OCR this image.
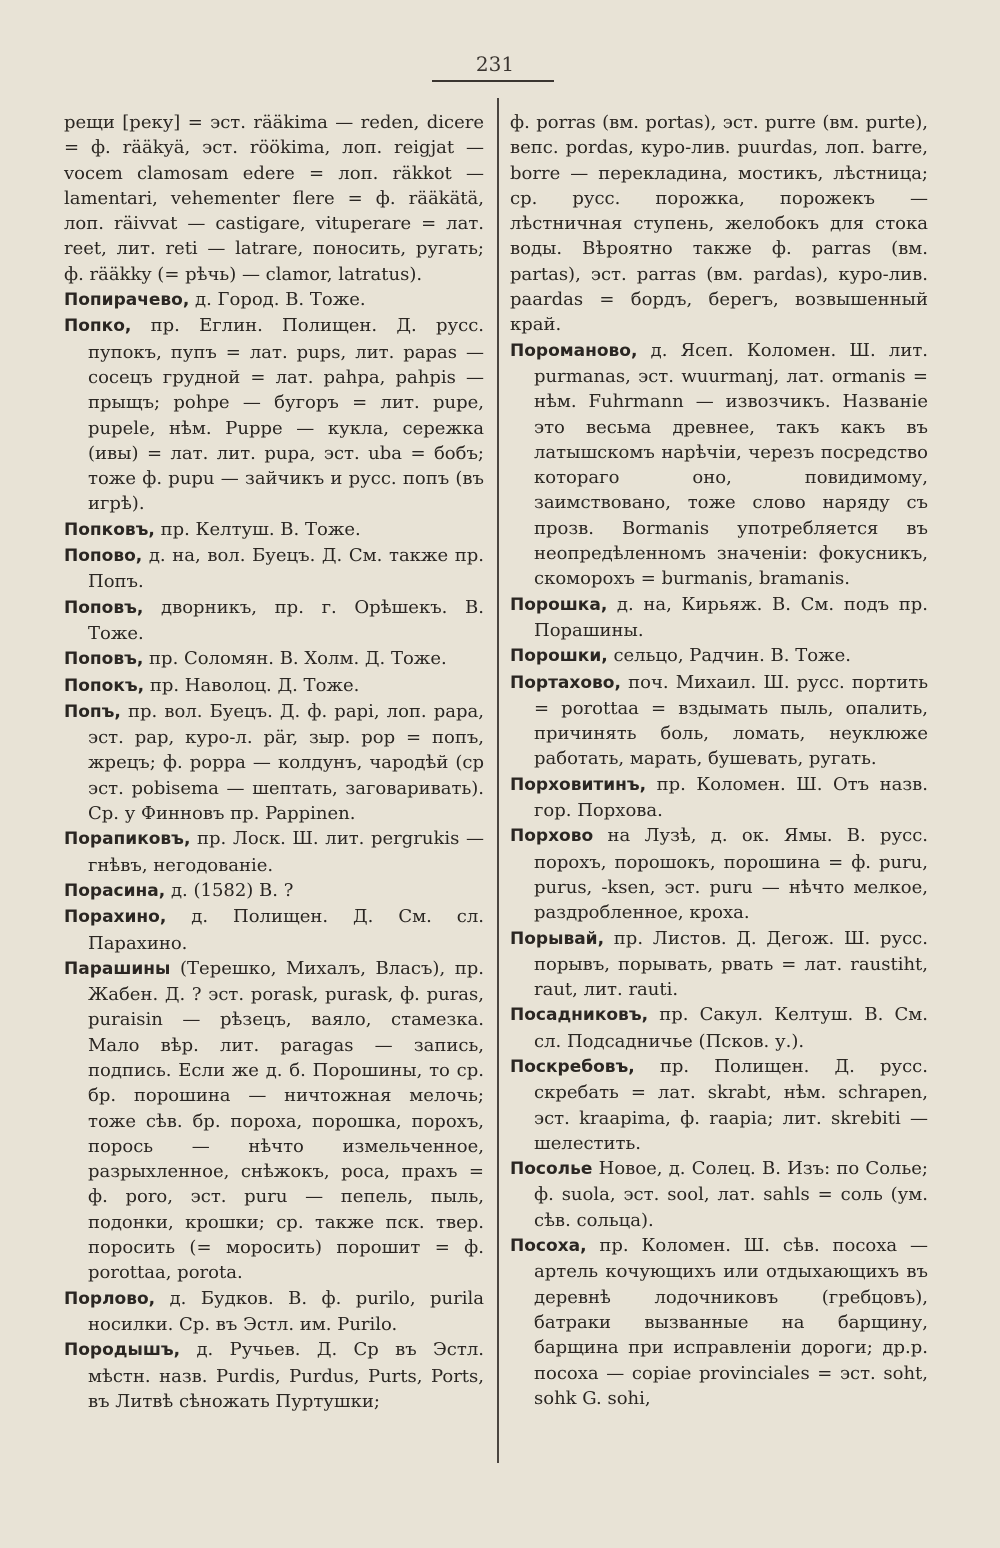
231
рещи [реку] = эст. rääkima — reden, dicere = ф. rääkyä, эст. röökima, лоп. reigjat — vocem clamosam edere = лоп. räkkot — lamentari, vehementer flere = ф. rääkätä, лоп. räivvat — castigare, vituperare = лат. reet, лит. reti — latrare, поносить, ругать; ф. rääkky (= рѣчь) — clamor, latratus).
Попирачево, д. Город. В. Тоже.
Попко, пр. Еглин. Полищен. Д. русс. пупокъ, пупъ = лат. pups, лит. papas — сосецъ грудной = лат. pahpa, pahpis — прыщъ; pohpe — бугоръ = лит. pupe, pupele, нѣм. Puppe — кукла, сережка (ивы) = лат. лит. pupa, эст. uba = бобъ; тоже ф. pupu — зайчикъ и русс. попъ (въ игрѣ).
Попковъ, пр. Келтуш. В. Тоже.
Попово, д. на, вол. Буецъ. Д. См. также пр. Попъ.
Поповъ, дворникъ, пр. г. Орѣшекъ. В. Тоже.
Поповъ, пр. Соломян. В. Холм. Д. Тоже.
Попокъ, пр. Наволоц. Д. Тоже.
Попъ, пр. вол. Буецъ. Д. ф. papi, лоп. papa, эст. pap, куро-л. pär, зыр. pop = попъ, жрецъ; ф. poppa — колдунъ, чародѣй (ср эст. pobisema — шептать, заговаривать). Ср. у Финновъ пр. Pappinen.
Порапиковъ, пр. Лоск. Ш. лит. pergrukis — гнѣвъ, негодованіе.
Порасина, д. (1582) В. ?
Порахино, д. Полищен. Д. См. сл. Парахино.
Парашины (Терешко, Михалъ, Власъ), пр. Жабен. Д. ? эст. porask, purask, ф. puras, puraisin — рѣзецъ, ваяло, стамезка. Мало вѣр. лит. paragas — запись, подпись. Если же д. б. Порошины, то ср. бр. порошина — ничтожная мелочь; тоже сѣв. бр. пороха, порошка, порохъ, порось — нѣчто измельченное, разрыхленное, снѣжокъ, роса, прахъ = ф. poro, эст. puru — пепель, пыль, подонки, крошки; ср. также пск. твер. поросить (= моросить) порошит = ф. porottaa, porota.
Порлово, д. Будков. В. ф. purilo, purila носилки. Ср. въ Эстл. им. Purilo.
Породышъ, д. Ручьев. Д. Ср въ Эстл. мѣстн. назв. Purdis, Purdus, Purts, Ports, въ Литвѣ сѣножать Пуртушки;
ф. porras (вм. portas), эст. purre (вм. purte), вепс. pordas, куро-лив. puurdas, лоп. barre, borre — перекладина, мостикъ, лѣстница; ср. русс. порожка, порожекъ — лѣстничная ступень, желобокъ для стока воды. Вѣроятно также ф. parras (вм. partas), эст. parras (вм. pardas), куро-лив. paardas = бордъ, берегъ, возвышенный край.
Пороманово, д. Ясеп. Коломен. Ш. лит. purmanas, эст. wuurmanj, лат. ormanis = нѣм. Fuhrmann — извозчикъ. Названіе это весьма древнее, такъ какъ въ латышскомъ нарѣчіи, черезъ посредство котораго оно, повидимому, заимствовано, тоже слово наряду съ прозв. Bormanis употребляется въ неопредѣленномъ значеніи: фокусникъ, скоморохъ = burmanis, bramanis.
Порошка, д. на, Кирьяж. В. См. подъ пр. Порашины.
Порошки, сельцо, Радчин. В. Тоже.
Портахово, поч. Михаил. Ш. русс. портить = porottaa = вздымать пыль, опалить, причинять боль, ломать, неуклюже работать, марать, бушевать, ругать.
Порховитинъ, пр. Коломен. Ш. Отъ назв. гор. Порхова.
Порхово на Лузѣ, д. ок. Ямы. В. русс. порохъ, порошокъ, порошина = ф. puru, purus, -ksen, эст. puru — нѣчто мелкое, раздробленное, кроха.
Порывай, пр. Листов. Д. Дегож. Ш. русс. порывъ, порывать, рвать = лат. raustiht, raut, лит. rauti.
Посадниковъ, пр. Сакул. Келтуш. В. См. сл. Подсадничье (Псков. у.).
Поскребовъ, пр. Полищен. Д. русс. скребать = лат. skrabt, нѣм. schrapen, эст. kraapima, ф. raapia; лит. skrebiti — шелестить.
Посолье Новое, д. Солец. В. Изъ: по Солье; ф. suola, эст. sool, лат. sahls = соль (ум. сѣв. сольца).
Посоха, пр. Коломен. Ш. сѣв. посоха — артель кочующихъ или отдыхающихъ въ деревнѣ лодочниковъ (гребцовъ), батраки вызванные на барщину, барщина при исправленіи дороги; др.р. посоха — copiae provinciales = эст. soht, sohk G. sohi,
